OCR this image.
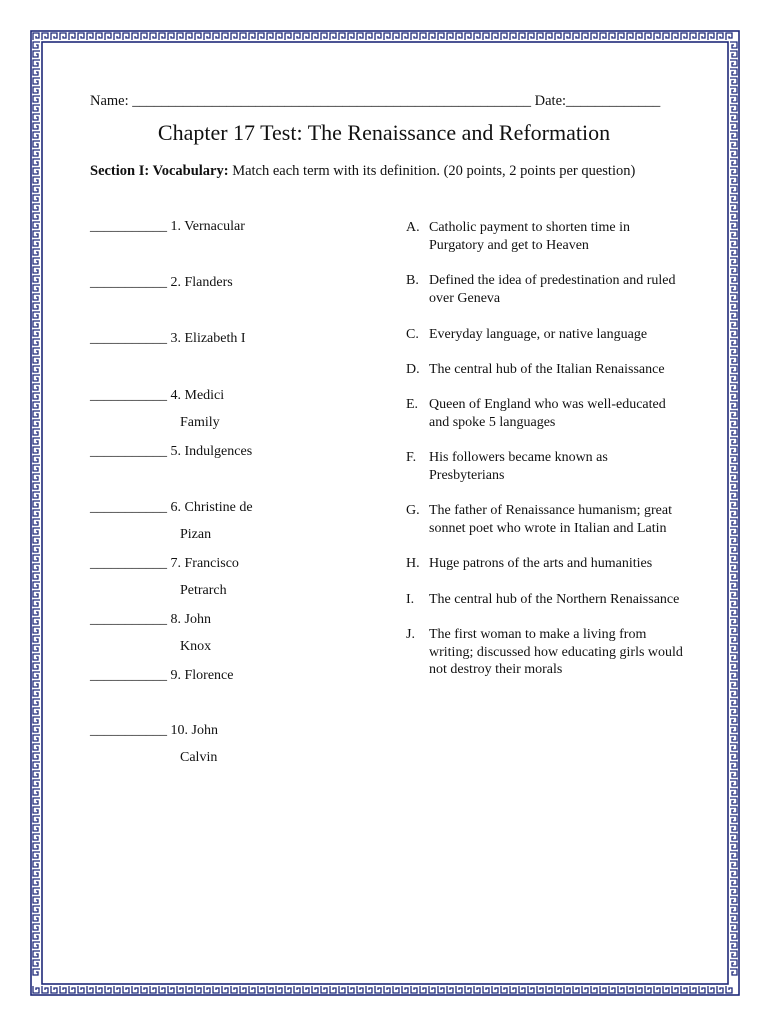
Name: _______________________________________________________ Date:_____________
Chapter 17 Test: The Renaissance and Reformation
Section I: Vocabulary: Match each term with its definition. (20 points, 2 points per question)
___________ 1. Vernacular
___________ 2. Flanders
___________ 3. Elizabeth I
___________ 4. Medici
Family
___________ 5. Indulgences
___________ 6. Christine de
Pizan
___________ 7. Francisco
Petrarch
___________ 8. John
Knox
___________ 9. Florence
___________ 10. John
Calvin
A. Catholic payment to shorten time in Purgatory and get to Heaven
B. Defined the idea of predestination and ruled over Geneva
C. Everyday language, or native language
D. The central hub of the Italian Renaissance
E. Queen of England who was well-educated and spoke 5 languages
F. His followers became known as Presbyterians
G. The father of Renaissance humanism; great sonnet poet who wrote in Italian and Latin
H. Huge patrons of the arts and humanities
I.	The central hub of the Northern Renaissance
J.	The first woman to make a living from writing; discussed how educating girls would not destroy their morals
